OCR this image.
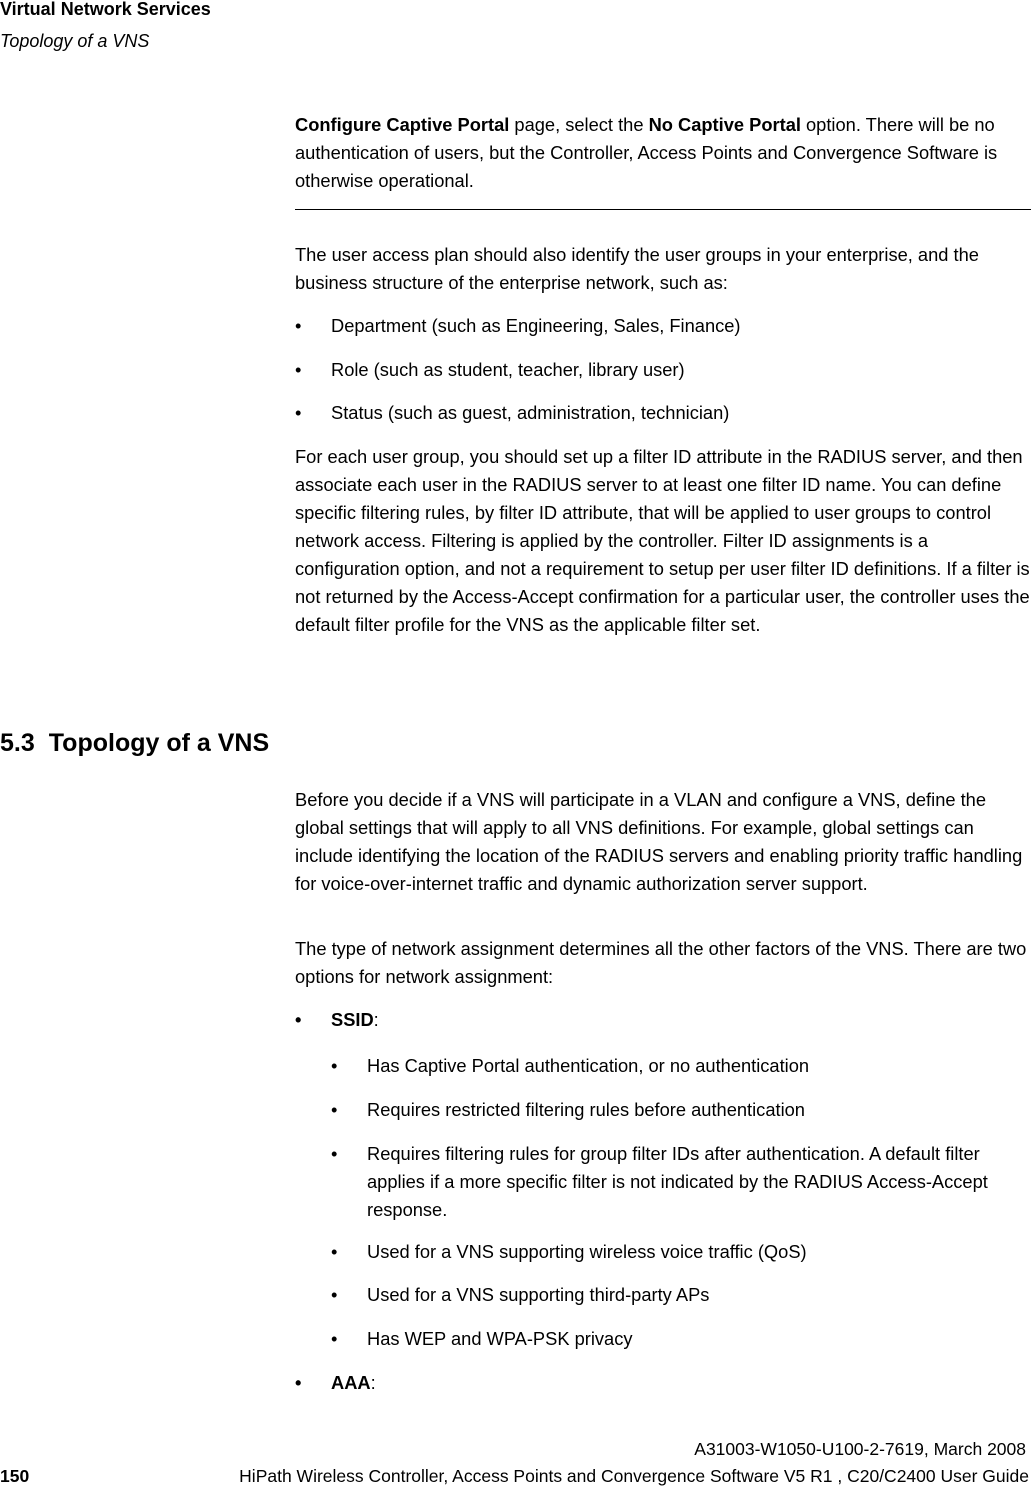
Virtual Network Services
Topology of a VNS

Configure Captive Portal page, select the No Captive Portal option. There will be no authentication of users, but the Controller, Access Points and Convergence Software is otherwise operational.

The user access plan should also identify the user groups in your enterprise, and the business structure of the enterprise network, such as:

• Department (such as Engineering, Sales, Finance)
• Role (such as student, teacher, library user)
• Status (such as guest, administration, technician)

For each user group, you should set up a filter ID attribute in the RADIUS server, and then associate each user in the RADIUS server to at least one filter ID name. You can define specific filtering rules, by filter ID attribute, that will be applied to user groups to control network access. Filtering is applied by the controller. Filter ID assignments is a configuration option, and not a requirement to setup per user filter ID definitions. If a filter is not returned by the Access-Accept confirmation for a particular user, the controller uses the default filter profile for the VNS as the applicable filter set.

5.3 Topology of a VNS

Before you decide if a VNS will participate in a VLAN and configure a VNS, define the global settings that will apply to all VNS definitions. For example, global settings can include identifying the location of the RADIUS servers and enabling priority traffic handling for voice-over-internet traffic and dynamic authorization server support.

The type of network assignment determines all the other factors of the VNS. There are two options for network assignment:

• SSID:
• Has Captive Portal authentication, or no authentication
• Requires restricted filtering rules before authentication
• Requires filtering rules for group filter IDs after authentication. A default filter applies if a more specific filter is not indicated by the RADIUS Access-Accept response.
• Used for a VNS supporting wireless voice traffic (QoS)
• Used for a VNS supporting third-party APs
• Has WEP and WPA-PSK privacy
• AAA:
A31003-W1050-U100-2-7619, March 2008
150	HiPath Wireless Controller, Access Points and Convergence Software V5 R1 , C20/C2400 User Guide
